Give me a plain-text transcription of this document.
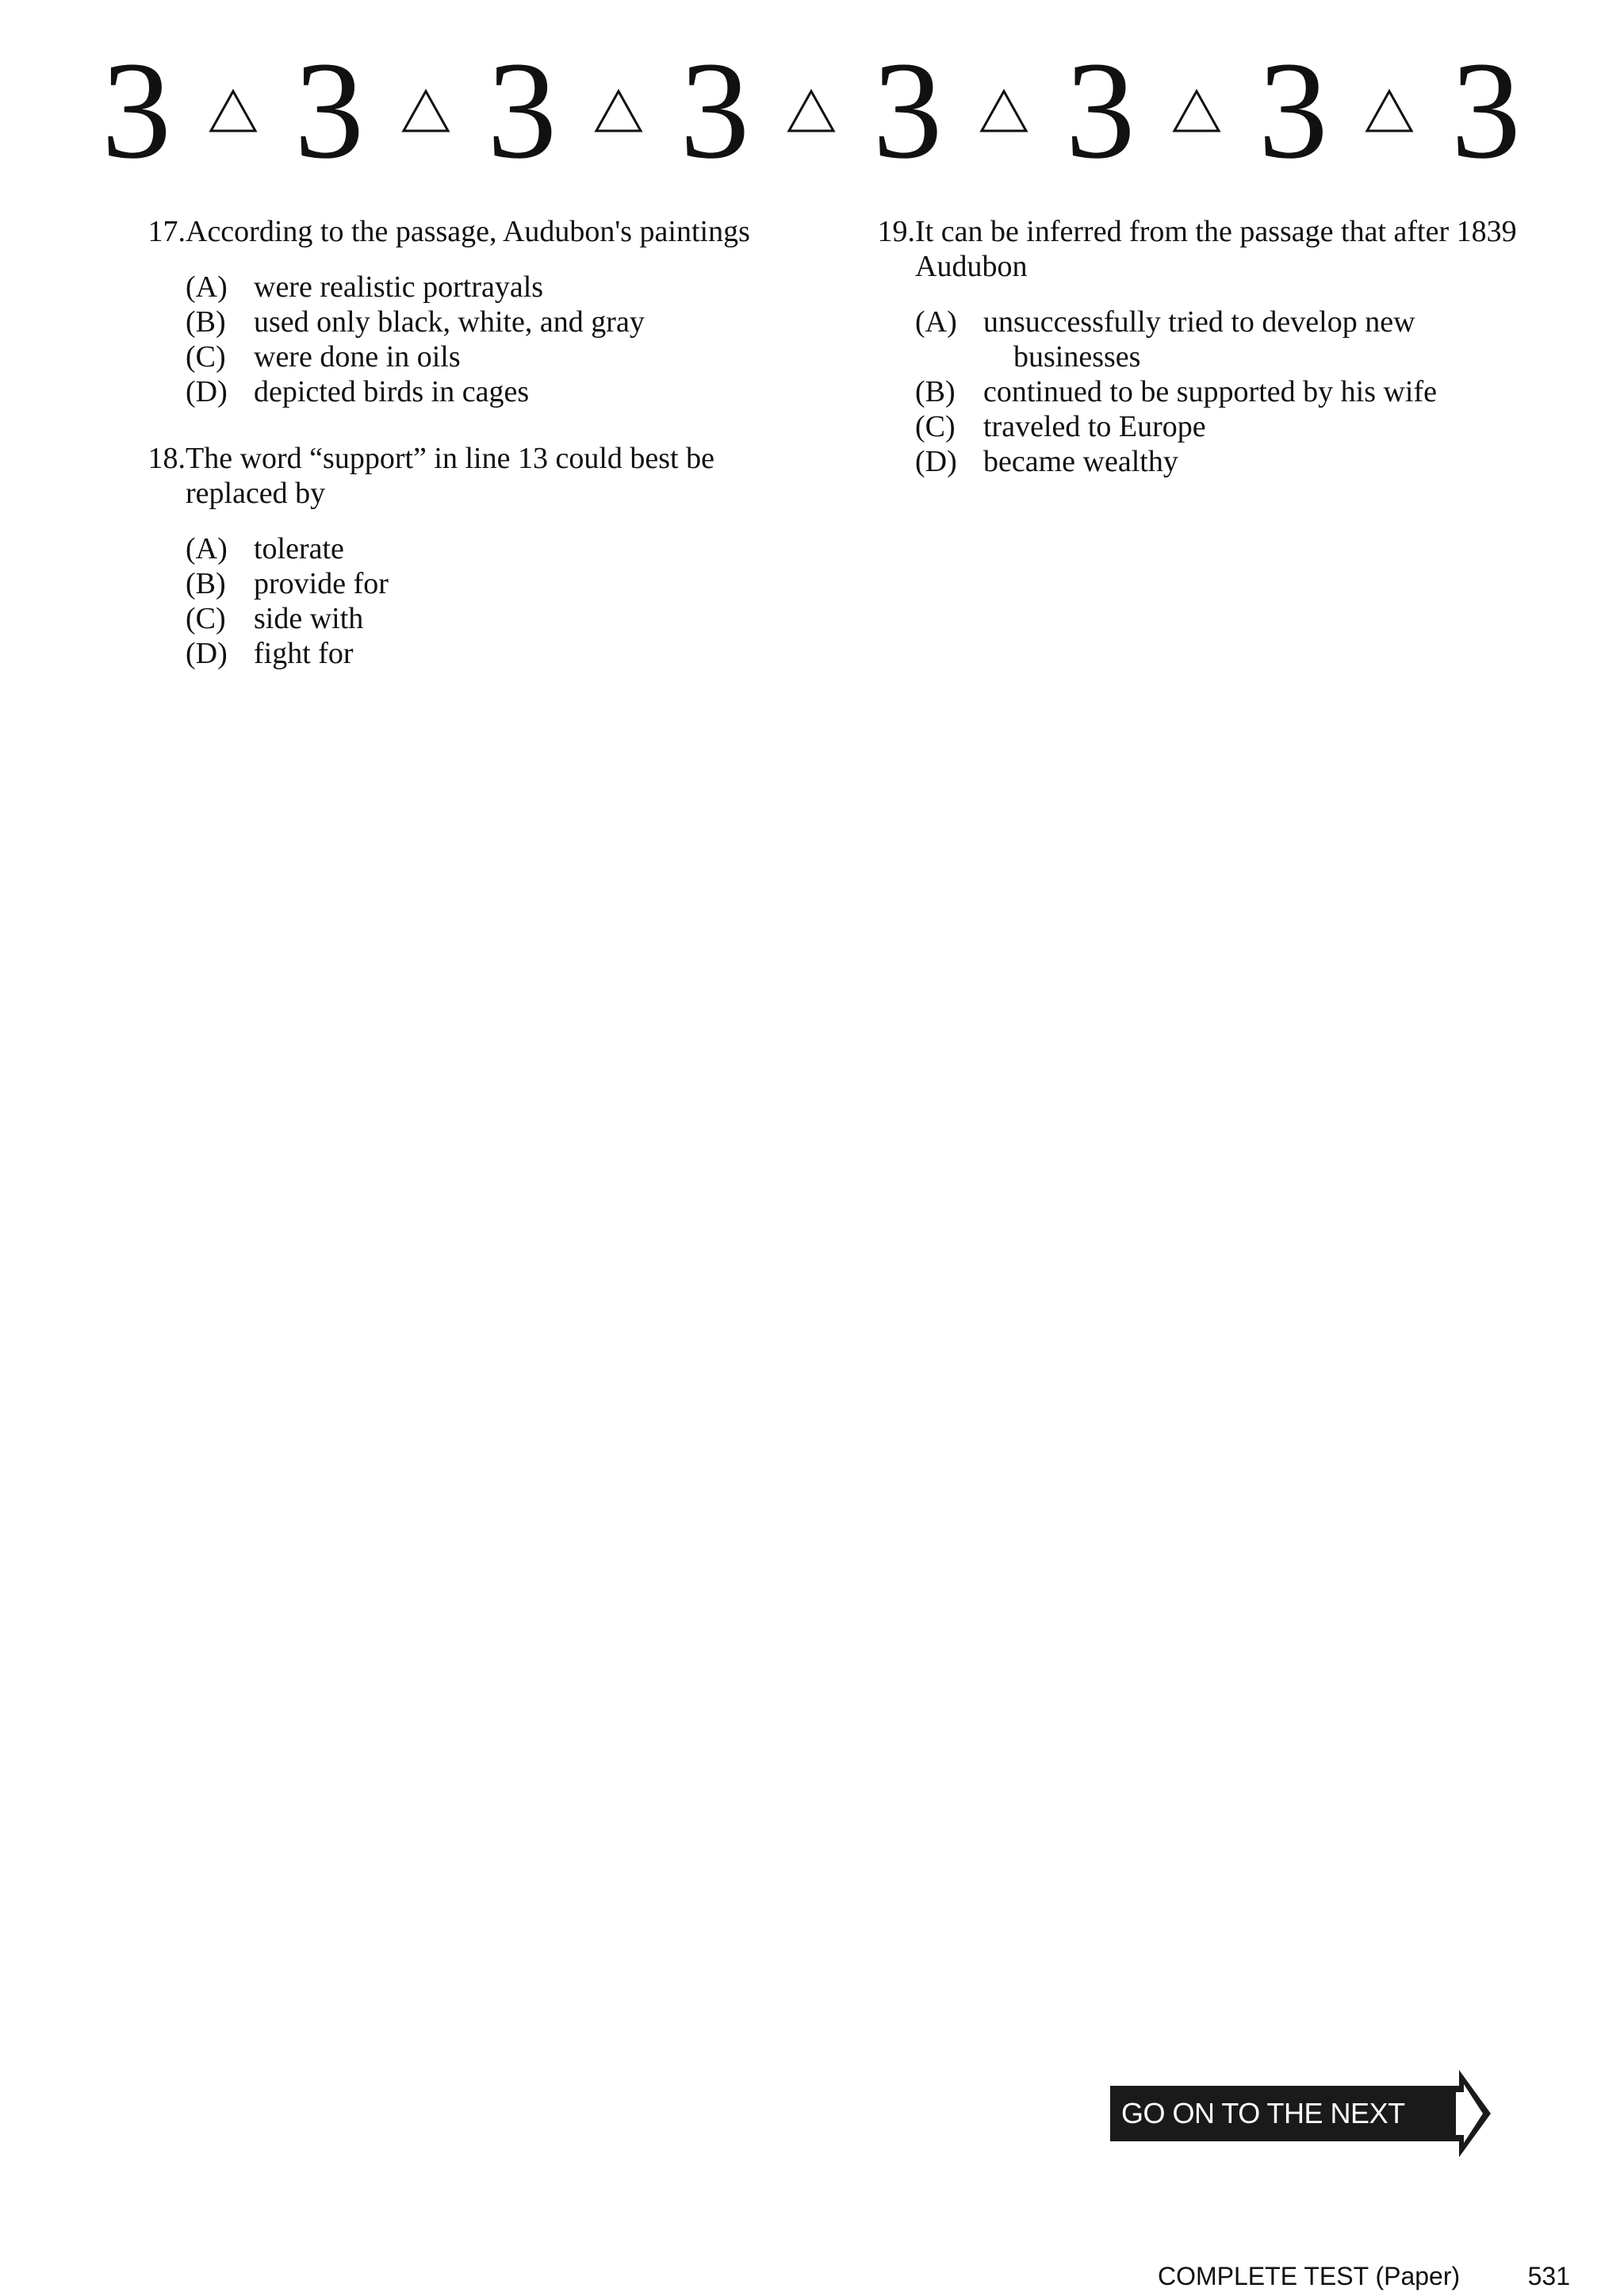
3 3 3 3 3 3 3 3
17. According to the passage, Audubon's paintings
(A) were realistic portrayals
(B) used only black, white, and gray
(C) were done in oils
(D) depicted birds in cages
18. The word “support” in line 13 could best be replaced by
(A) tolerate
(B) provide for
(C) side with
(D) fight for
19. It can be inferred from the passage that after 1839 Audubon
(A) unsuccessfully tried to develop new
businesses
(B) continued to be supported by his wife
(C) traveled to Europe
(D) became wealthy
GO ON TO THE NEXT PAGE
COMPLETE TEST (Paper)	531
